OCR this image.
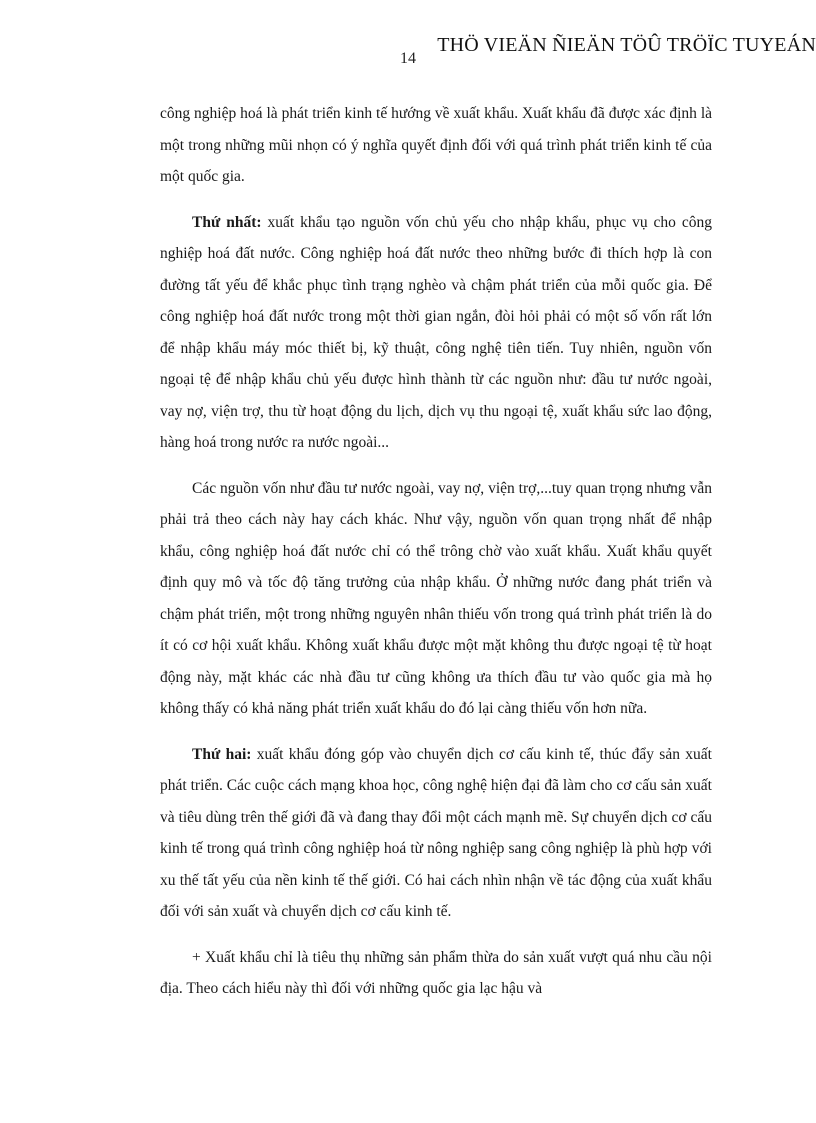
THÖ VIEÄN ÑIEÄN TÖÛ TRÖÏC TUYEÁN
14

công nghiệp hoá là phát triển kinh tế hướng về xuất khẩu. Xuất khẩu đã được xác định là một trong những mũi nhọn có ý nghĩa quyết định đối với quá trình phát triển kinh tế của một quốc gia.

Thứ nhất: xuất khẩu tạo nguồn vốn chủ yếu cho nhập khẩu, phục vụ cho công nghiệp hoá đất nước. Công nghiệp hoá đất nước theo những bước đi thích hợp là con đường tất yếu để khắc phục tình trạng nghèo và chậm phát triển của mỗi quốc gia. Để công nghiệp hoá đất nước trong một thời gian ngắn, đòi hỏi phải có một số vốn rất lớn để nhập khẩu máy móc thiết bị, kỹ thuật, công nghệ tiên tiến. Tuy nhiên, nguồn vốn ngoại tệ để nhập khẩu chủ yếu được hình thành từ các nguồn như: đầu tư nước ngoài, vay nợ, viện trợ, thu từ hoạt động du lịch, dịch vụ thu ngoại tệ, xuất khẩu sức lao động, hàng hoá trong nước ra nước ngoài...

Các nguồn vốn như đầu tư nước ngoài, vay nợ, viện trợ,...tuy quan trọng nhưng vẫn phải trả theo cách này hay cách khác. Như vậy, nguồn vốn quan trọng nhất để nhập khẩu, công nghiệp hoá đất nước chỉ có thể trông chờ vào xuất khẩu. Xuất khẩu quyết định quy mô và tốc độ tăng trưởng của nhập khẩu. Ở những nước đang phát triển và chậm phát triển, một trong những nguyên nhân thiếu vốn trong quá trình phát triển là do ít có cơ hội xuất khẩu. Không xuất khẩu được một mặt không thu được ngoại tệ từ hoạt động này, mặt khác các nhà đầu tư cũng không ưa thích đầu tư vào quốc gia mà họ không thấy có khả năng phát triển xuất khẩu do đó lại càng thiếu vốn hơn nữa.

Thứ hai: xuất khẩu đóng góp vào chuyển dịch cơ cấu kinh tế, thúc đẩy sản xuất phát triển. Các cuộc cách mạng khoa học, công nghệ hiện đại đã làm cho cơ cấu sản xuất và tiêu dùng trên thế giới đã và đang thay đổi một cách mạnh mẽ. Sự chuyển dịch cơ cấu kinh tế trong quá trình công nghiệp hoá từ nông nghiệp sang công nghiệp là phù hợp với xu thế tất yếu của nền kinh tế thế giới. Có hai cách nhìn nhận về tác động của xuất khẩu đối với sản xuất và chuyển dịch cơ cấu kinh tế.

+ Xuất khẩu chỉ là tiêu thụ những sản phẩm thừa do sản xuất vượt quá nhu cầu nội địa. Theo cách hiểu này thì đối với những quốc gia lạc hậu và
